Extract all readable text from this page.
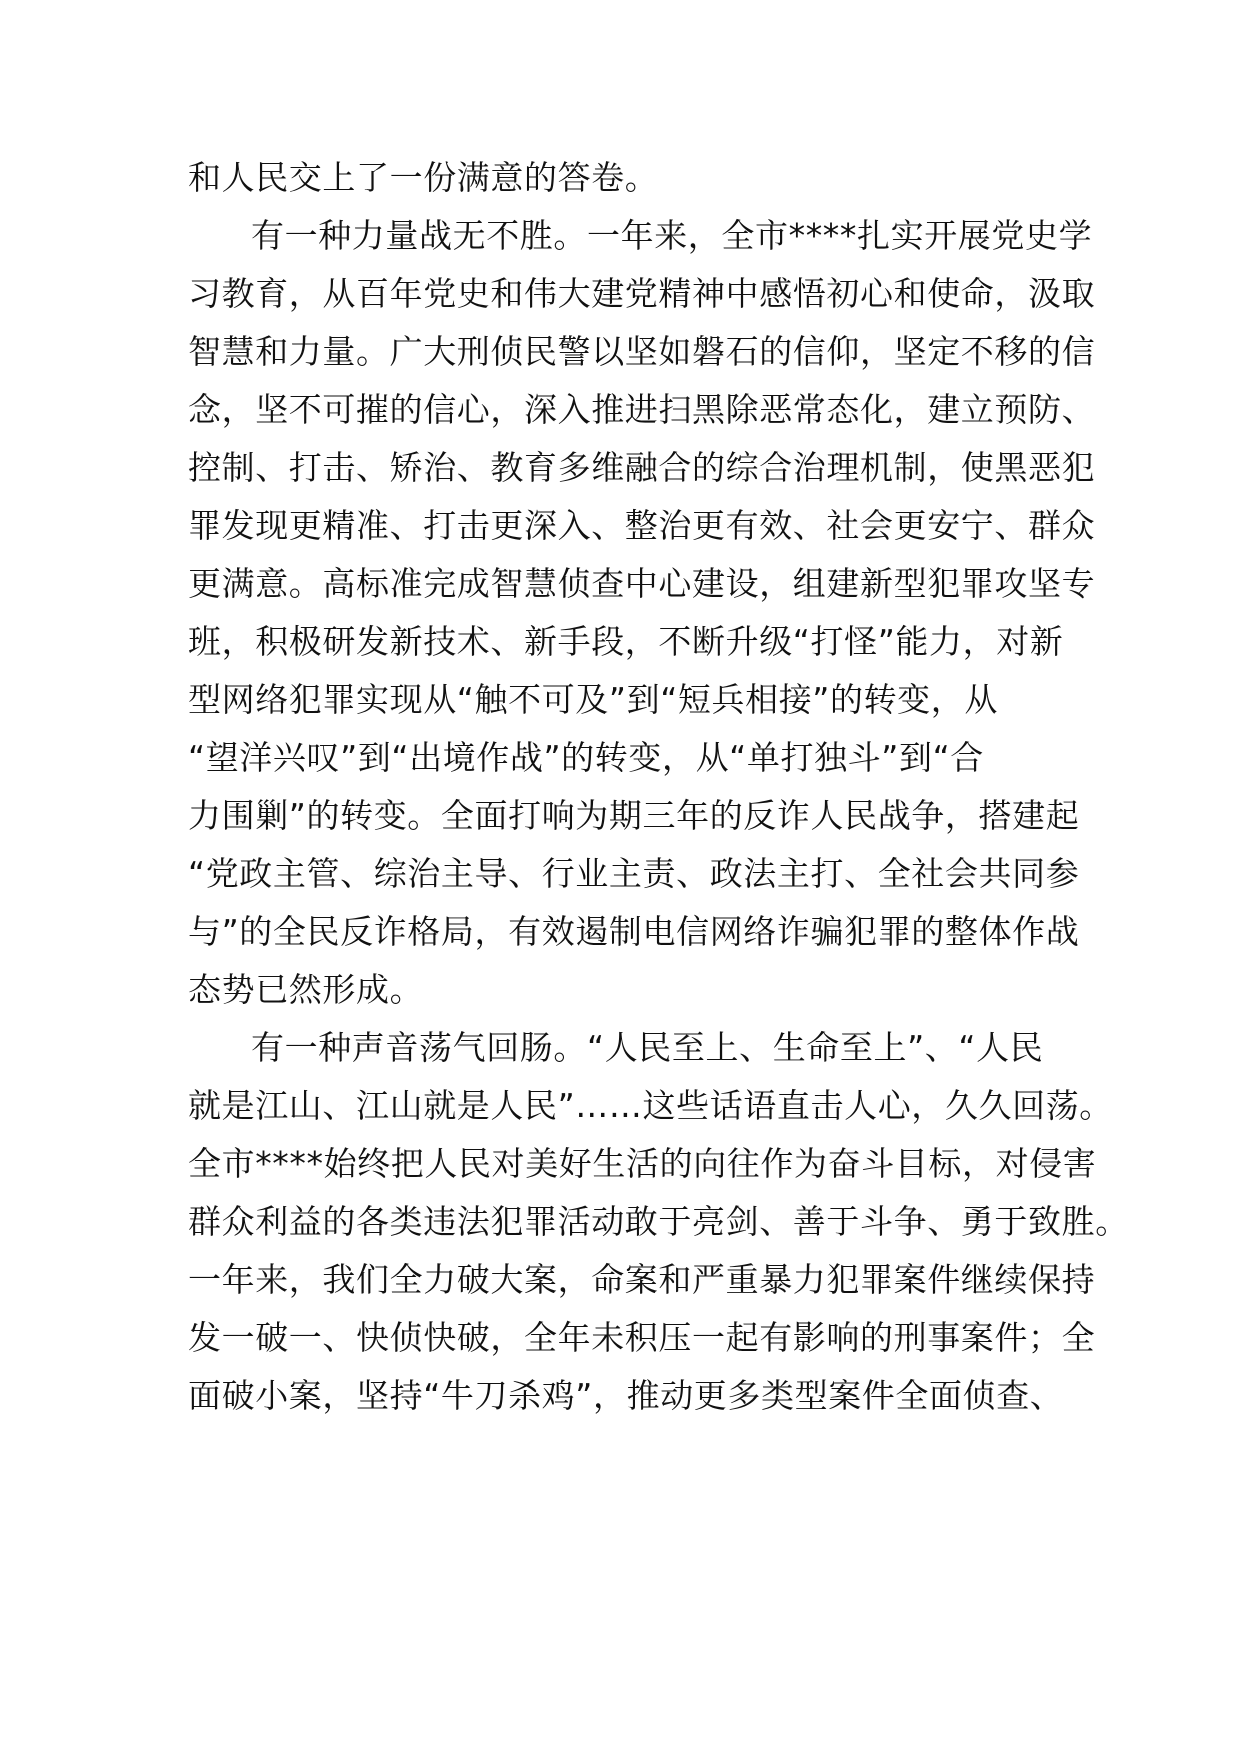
和人民交上了一份满意的答卷。
有一种力量战无不胜。一年来，全市****扎实开展党史学
习教育，从百年党史和伟大建党精神中感悟初心和使命，汲取
智慧和力量。广大刑侦民警以坚如磐石的信仰，坚定不移的信
念，坚不可摧的信心，深入推进扫黑除恶常态化，建立预防、
控制、打击、矫治、教育多维融合的综合治理机制，使黑恶犯
罪发现更精准、打击更深入、整治更有效、社会更安宁、群众
更满意。高标准完成智慧侦查中心建设，组建新型犯罪攻坚专
班，积极研发新技术、新手段，不断升级“打怪”能力，对新
型网络犯罪实现从“触不可及”到“短兵相接”的转变，从
“望洋兴叹”到“出境作战”的转变，从“单打独斗”到“合
力围剿”的转变。全面打响为期三年的反诈人民战争，搭建起
“党政主管、综治主导、行业主责、政法主打、全社会共同参
与”的全民反诈格局，有效遏制电信网络诈骗犯罪的整体作战
态势已然形成。
有一种声音荡气回肠。“人民至上、生命至上”、“人民
就是江山、江山就是人民”……这些话语直击人心，久久回荡。
全市****始终把人民对美好生活的向往作为奋斗目标，对侵害
群众利益的各类违法犯罪活动敢于亮剑、善于斗争、勇于致胜。
一年来，我们全力破大案，命案和严重暴力犯罪案件继续保持
发一破一、快侦快破，全年未积压一起有影响的刑事案件；全
面破小案，坚持“牛刀杀鸡”，推动更多类型案件全面侦查、
